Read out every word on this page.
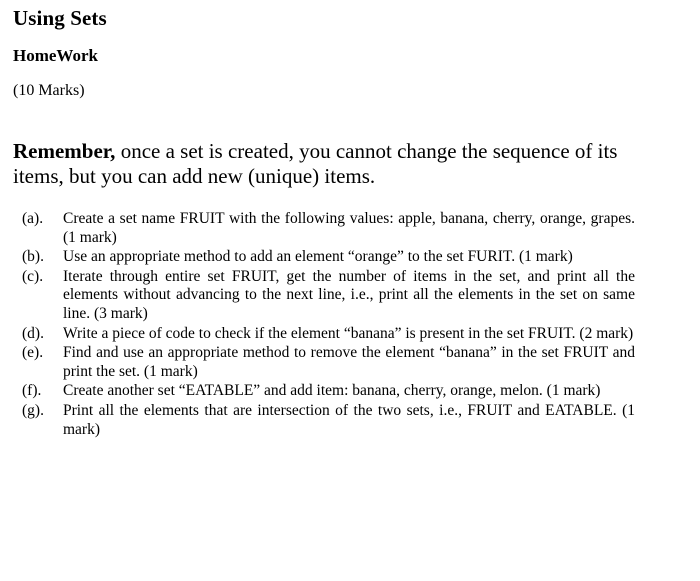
Using Sets
HomeWork
(10 Marks)
Remember, once a set is created, you cannot change the sequence of its items, but you can add new (unique) items.
(a). Create a set name FRUIT with the following values: apple, banana, cherry, orange, grapes. (1 mark)
(b). Use an appropriate method to add an element “orange” to the set FURIT. (1 mark)
(c). Iterate through entire set FRUIT, get the number of items in the set, and print all the elements without advancing to the next line, i.e., print all the elements in the set on same line. (3 mark)
(d). Write a piece of code to check if the element “banana” is present in the set FRUIT. (2 mark)
(e). Find and use an appropriate method to remove the element “banana” in the set FRUIT and print the set. (1 mark)
(f). Create another set “EATABLE” and add item: banana, cherry, orange, melon. (1 mark)
(g). Print all the elements that are intersection of the two sets, i.e., FRUIT and EATABLE. (1 mark)
